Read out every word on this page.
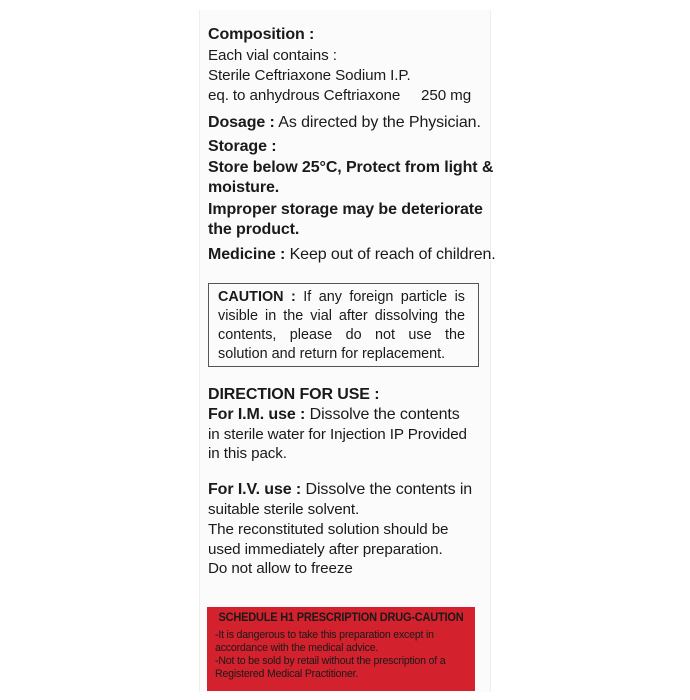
Composition :
Each vial contains :
Sterile Ceftriaxone Sodium I.P.
eq. to anhydrous Ceftriaxone 250 mg
Dosage : As directed by the Physician.
Storage :
Store below 25°C, Protect from light &
moisture.
Improper storage may be deteriorate
the product.
Medicine : Keep out of reach of children.
CAUTION : If any foreign particle is
visible in the vial after dissolving the
contents, please do not use the
solution and return for replacement.
DIRECTION FOR USE :
For I.M. use : Dissolve the contents
in sterile water for Injection IP Provided
in this pack.
For I.V. use : Dissolve the contents in
suitable sterile solvent.
The reconstituted solution should be
used immediately after preparation.
Do not allow to freeze
SCHEDULE H1 PRESCRIPTION DRUG-CAUTION
-It is dangerous to take this preparation except in
accordance with the medical advice.
-Not to be sold by retail without the prescription of a
Registered Medical Practitioner.
